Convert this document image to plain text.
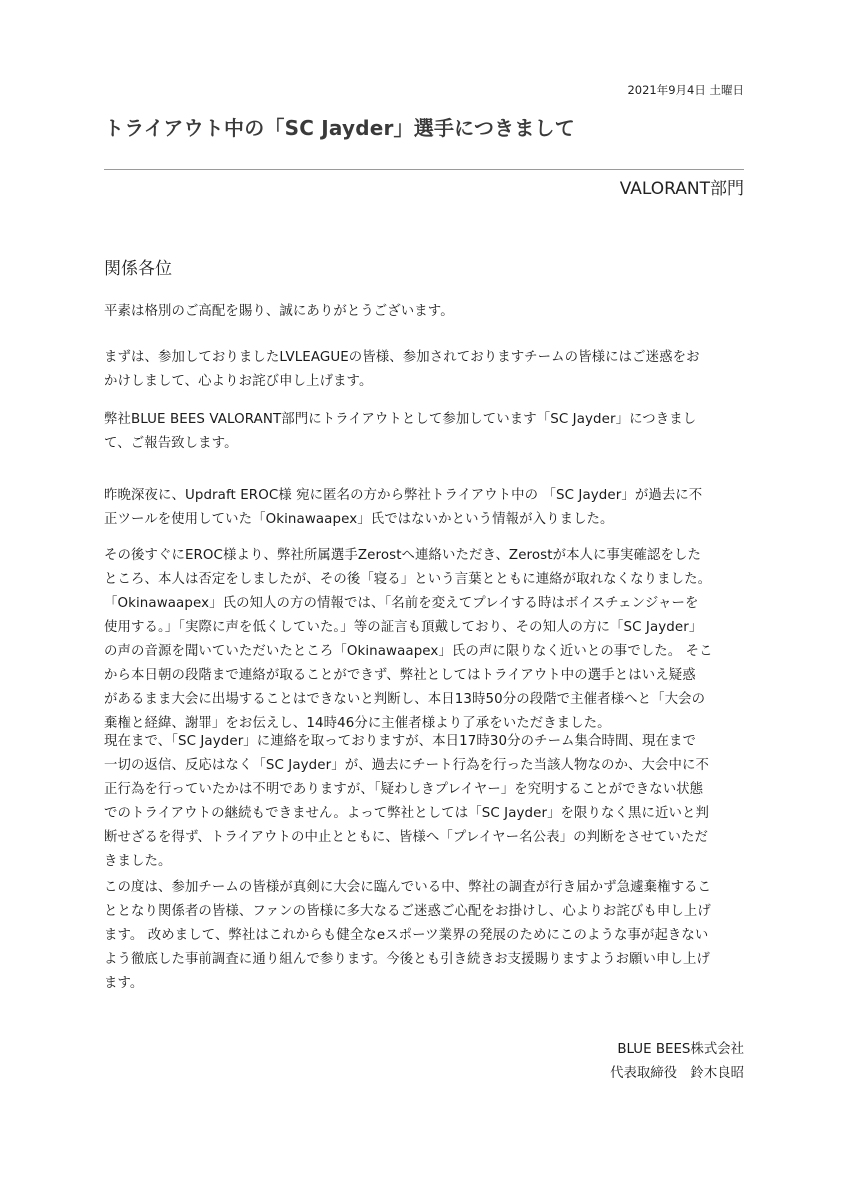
2021年9月4日 土曜日
トライアウト中の「SC Jayder」選手につきまして
VALORANT部門
関係各位

平素は格別のご高配を賜り、誠にありがとうございます。

まずは、参加しておりましたLVLEAGUEの皆様、参加されておりますチームの皆様にはご迷惑をお
かけしまして、心よりお詫び申し上げます。

弊社BLUE BEES VALORANT部門にトライアウトとして参加しています「SC Jayder」につきまし
て、ご報告致します。

昨晩深夜に、Updraft EROC様 宛に匿名の方から弊社トライアウト中の 「SC Jayder」が過去に不
正ツールを使用していた「Okinawaapex」氏ではないかという情報が入りました。

その後すぐにEROC様より、弊社所属選手Zerostへ連絡いただき、Zerostが本人に事実確認をした
ところ、本人は否定をしましたが、その後「寝る」という言葉とともに連絡が取れなくなりました。
「Okinawaapex」氏の知人の方の情報では、「名前を変えてプレイする時はボイスチェンジャーを
使用する。」「実際に声を低くしていた。」等の証言も頂戴しており、その知人の方に「SC Jayder」
の声の音源を聞いていただいたところ「Okinawaapex」氏の声に限りなく近いとの事でした。 そこ
から本日朝の段階まで連絡が取ることができず、弊社としてはトライアウト中の選手とはいえ疑惑
があるまま大会に出場することはできないと判断し、本日13時50分の段階で主催者様へと「大会の
棄権と経緯、謝罪」をお伝えし、14時46分に主催者様より了承をいただきました。

現在まで、「SC Jayder」に連絡を取っておりますが、本日17時30分のチーム集合時間、現在まで
一切の返信、反応はなく「SC Jayder」が、過去にチート行為を行った当該人物なのか、大会中に不
正行為を行っていたかは不明でありますが、「疑わしきプレイヤー」を究明することができない状態
でのトライアウトの継続もできません。よって弊社としては「SC Jayder」を限りなく黒に近いと判
断せざるを得ず、トライアウトの中止とともに、皆様へ「プレイヤー名公表」の判断をさせていただ
きました。

この度は、参加チームの皆様が真剣に大会に臨んでいる中、弊社の調査が行き届かず急遽棄権するこ
ととなり関係者の皆様、ファンの皆様に多大なるご迷惑ご心配をお掛けし、心よりお詫びも申し上げ
ます。 改めまして、弊社はこれからも健全なeスポーツ業界の発展のためにこのような事が起きない
よう徹底した事前調査に通り組んで参ります。今後とも引き続きお支援賜りますようお願い申し上げ
ます。

BLUE BEES株式会社
代表取締役　鈴木良昭
